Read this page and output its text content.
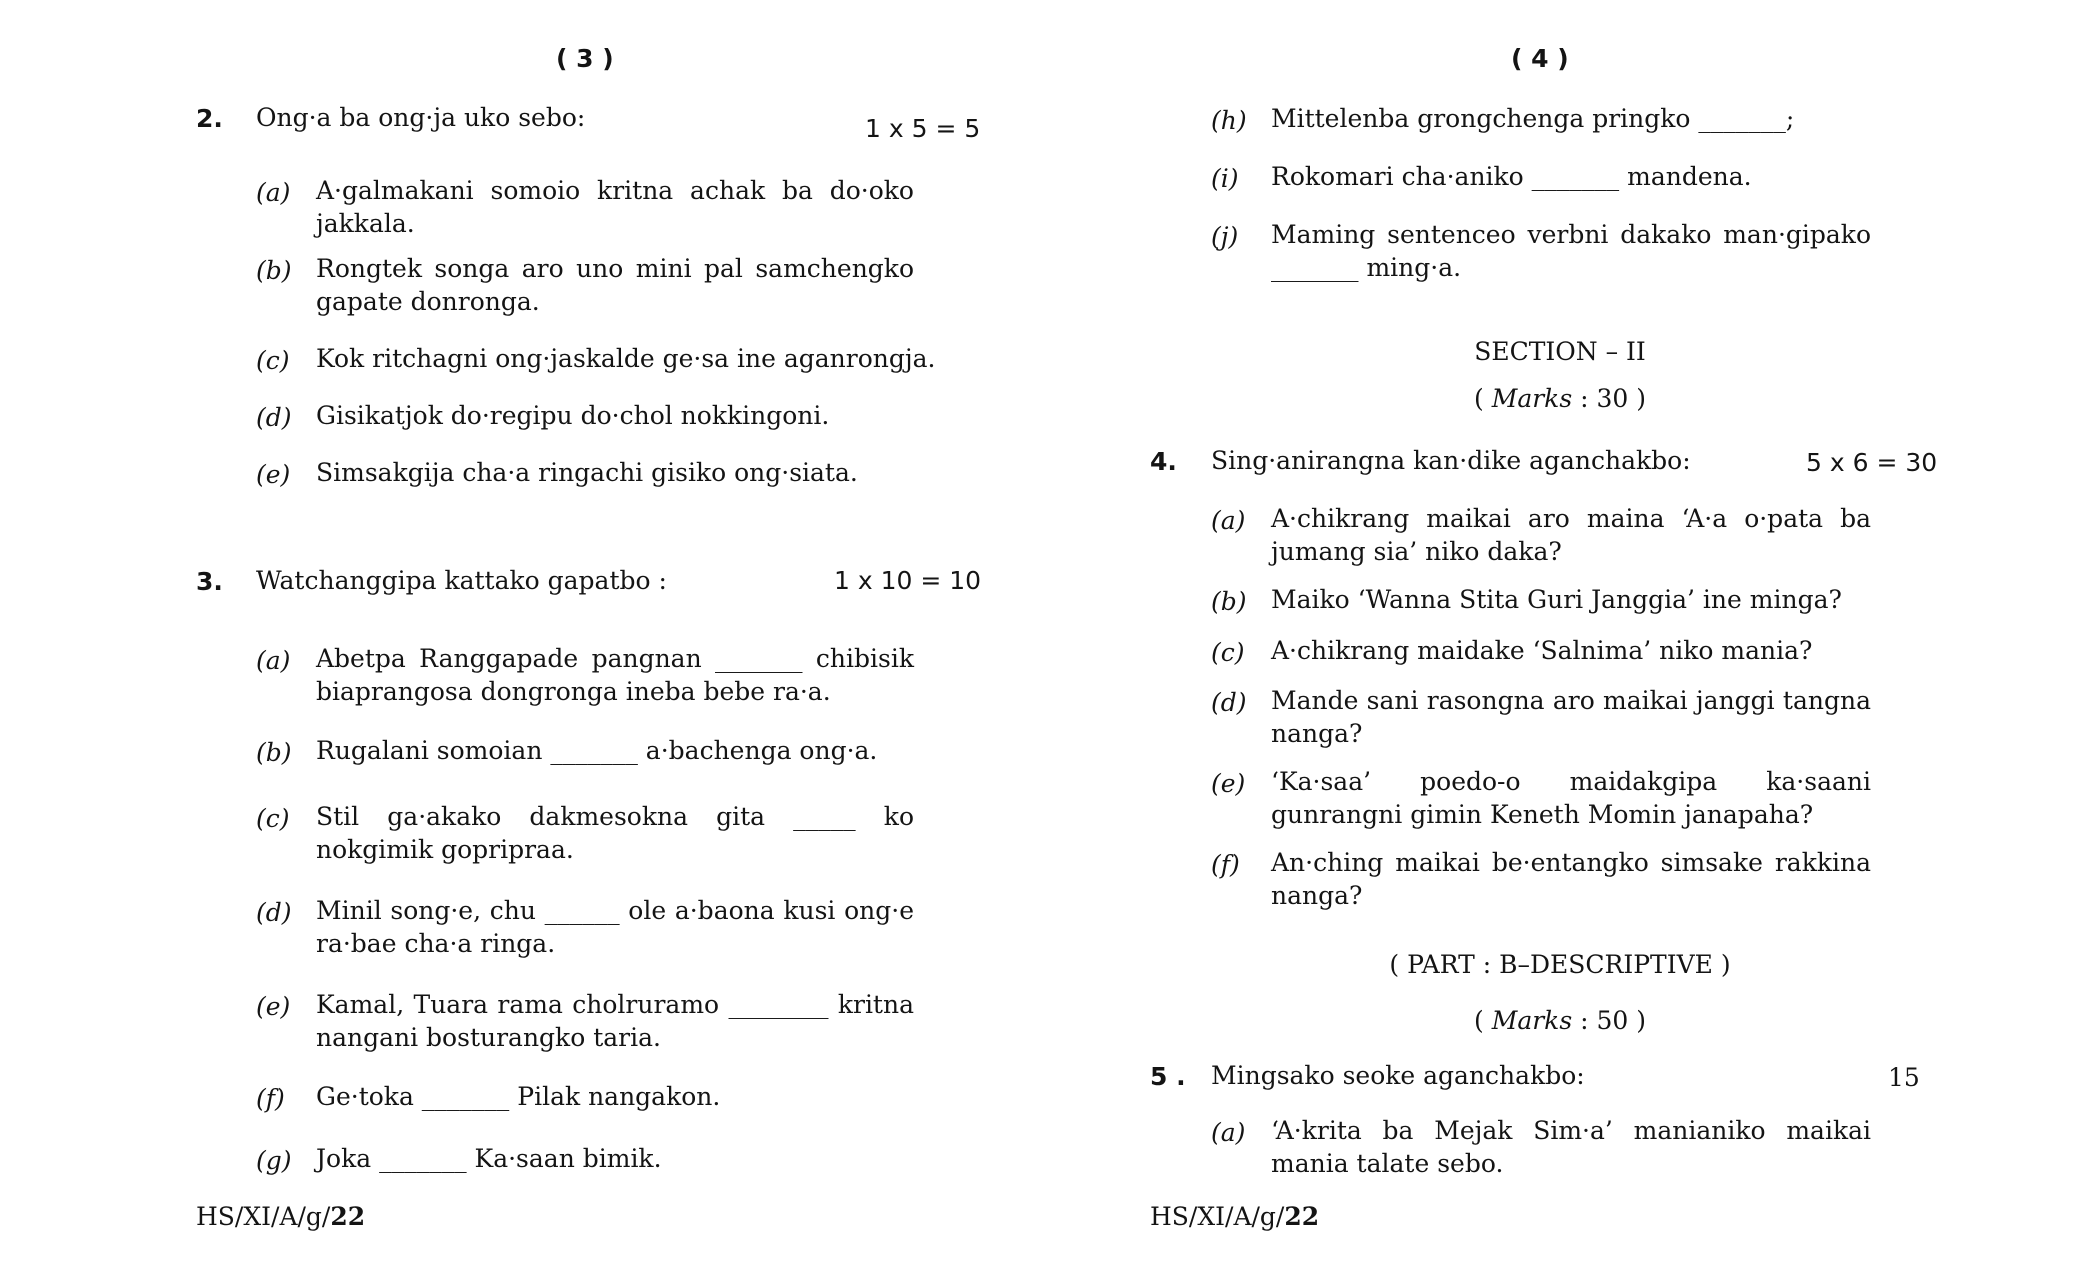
( 3 )
2. Ong·a ba ong·ja uko sebo:	1 x 5 = 5
(a) A·galmakani somoio kritna achak ba do·oko jakkala.
(b) Rongtek songa aro uno mini pal samchengko gapate donronga.
(c) Kok ritchagni ong·jaskalde ge·sa ine aganrongja.
(d) Gisikatjok do·regipu do·chol nokkingoni.
(e) Simsakgija cha·a ringachi gisiko ong·siata.
3. Watchanggipa kattako gapatbo :	1 x 10 = 10
(a) Abetpa Ranggapade pangnan _______ chibisik biaprangosa dongronga ineba bebe ra·a.
(b) Rugalani somoian _______ a·bachenga ong·a.
(c) Stil ga·akako dakmesokna gita _____ ko nokgimik gopripraa.
(d) Minil song·e, chu ______ ole a·baona kusi ong·e ra·bae cha·a ringa.
(e) Kamal, Tuara rama cholruramo ________ kritna nangani bosturangko taria.
(f) Ge·toka _______ Pilak nangakon.
(g) Joka _______ Ka·saan bimik.
HS/XI/A/g/22
( 4 )
(h) Mittelenba grongchenga pringko _______;
(i) Rokomari cha·aniko _______ mandena.
(j) Maming sentenceo verbni dakako man·gipako _______ ming·a.
SECTION – II
( Marks : 30 )
4. Sing·anirangna kan·dike aganchakbo:	5 x 6 = 30
(a) A·chikrang maikai aro maina ‘A·a o·pata ba jumang sia’ niko daka?
(b) Maiko ‘Wanna Stita Guri Janggia’ ine minga?
(c) A·chikrang maidake ‘Salnima’ niko mania?
(d) Mande sani rasongna aro maikai janggi tangna nanga?
(e) ‘Ka·saa’ poedo-o maidakgipa ka·saani gunrangni gimin Keneth Momin janapaha?
(f) An·ching maikai be·entangko simsake rakkina nanga?
( PART : B–DESCRIPTIVE )
( Marks : 50 )
5 . Mingsako seoke aganchakbo:	15
(a) ‘A·krita ba Mejak Sim·a’ manianiko maikai mania talate sebo.
HS/XI/A/g/22
